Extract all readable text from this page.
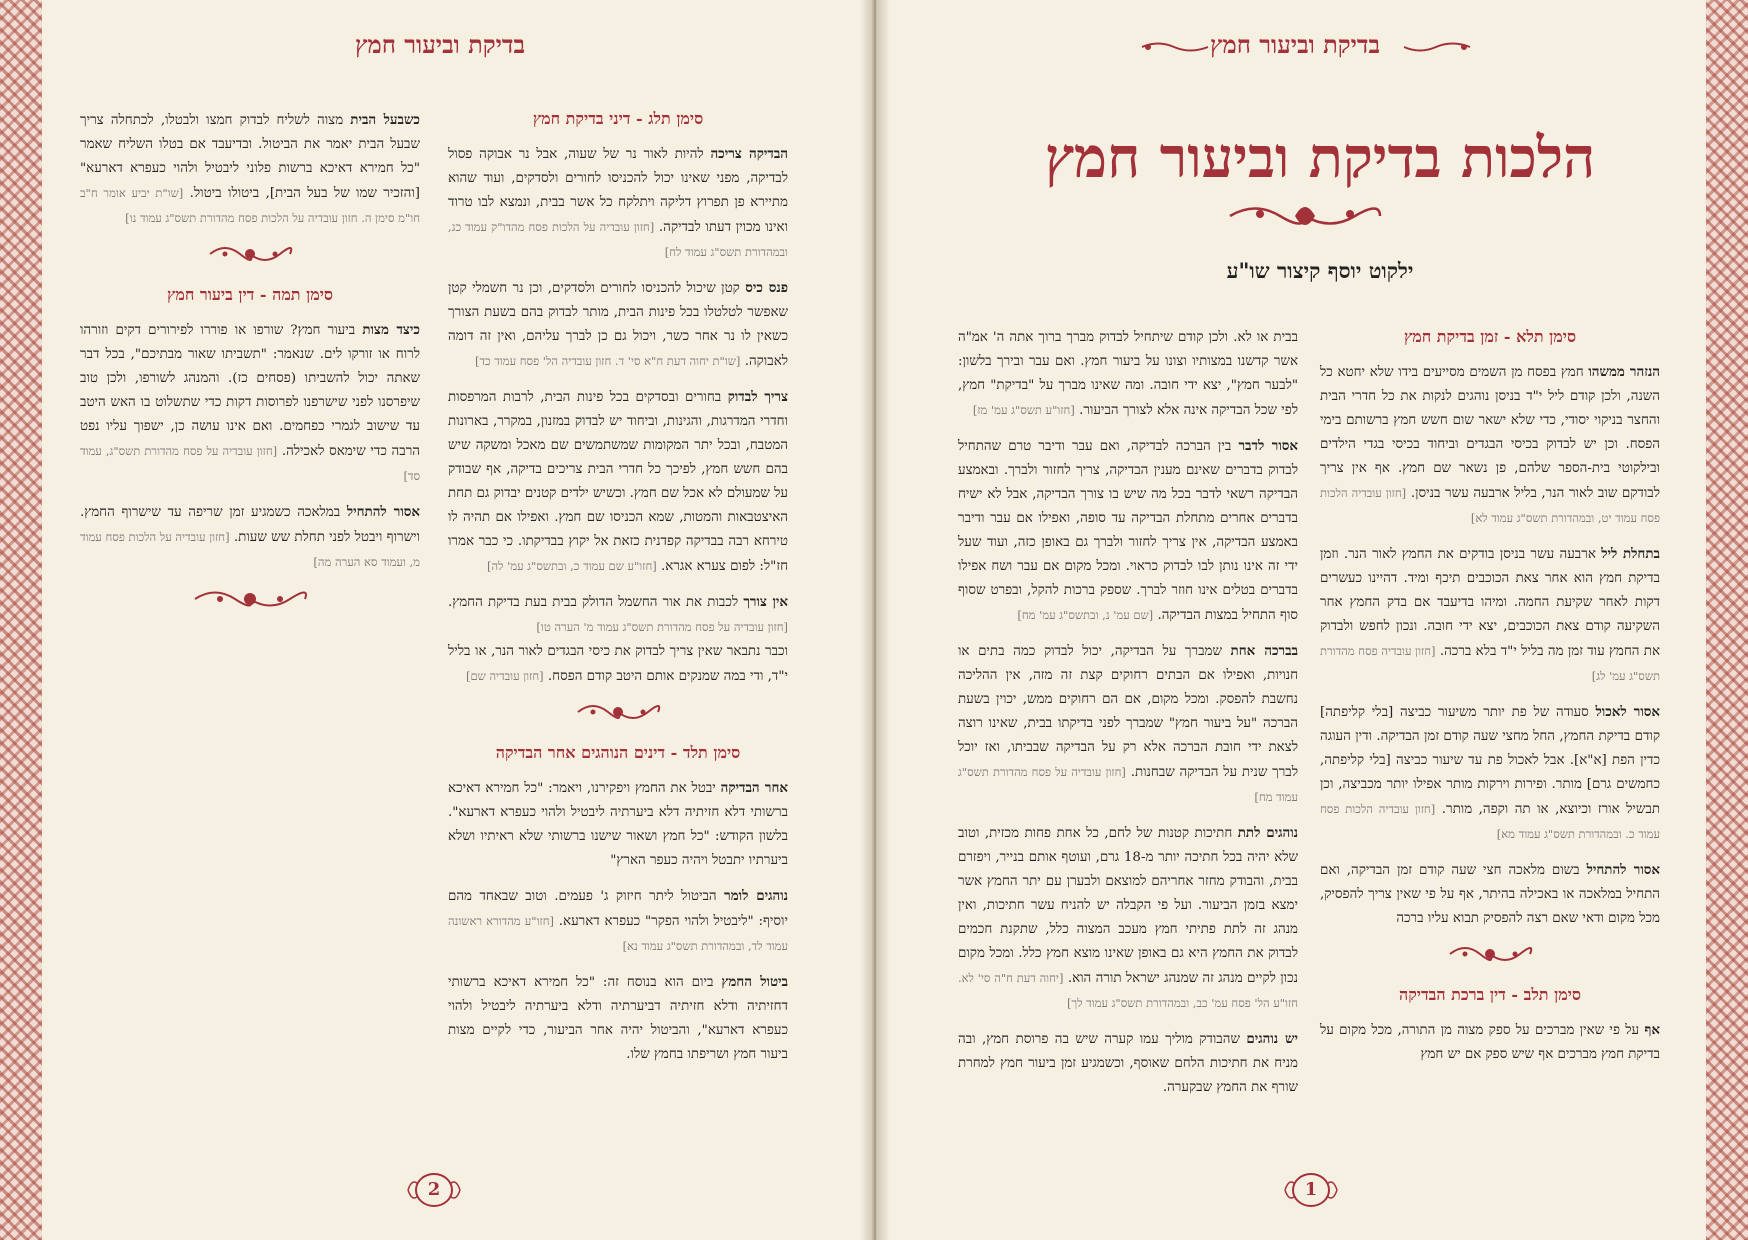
בדיקת וביעור חמץ
סימן תלג - דיני בדיקת חמץ

הבדיקה צריכה להיות לאור נר של שעוה, אבל נר אבוקה פסול לבדיקה, מפני שאינו יכול להכניסו לחורים ולסדקים, ועוד שהוא מתיירא פן תפרוץ דליקה ויתלקח כל אשר בבית, ונמצא לבו טרוד ואינו מכוין דעתו לבדיקה. [חזון עובדיה על הלכות פסח מהדו"ק עמוד כג, ובמהדורת תשס"ג עמוד לח]

פנס כיס קטן שיכול להכניסו לחורים ולסדקים, וכן נר חשמלי קטן שאפשר לטלטלו בכל פינות הבית, מותר לבדוק בהם בשעת הצורך כשאין לו נר אחר כשר, ויכול גם כן לברך עליהם, ואין זה דומה לאבוקה. [שו"ת יחוה דעת ח"א סי' ד. חזון עובדיה הל' פסח עמוד כד]

צריך לבדוק בחורים ובסדקים בכל פינות הבית, לרבות המרפסות וחדרי המדרגות, והגינות, וביחוד יש לבדוק במזנון, במקרר, בארונות המטבח, ובכל יתר המקומות שמשתמשים שם מאכל ומשקה שיש בהם חשש חמץ, לפיכך כל חדרי הבית צריכים בדיקה, אף שבודק על שמעולם לא אכל שם חמץ. וכשיש ילדים קטנים יבדוק גם תחת האיצטבאות והמטות, שמא הכניסו שם חמץ. ואפילו אם תהיה לו טירחא רבה בבדיקה קפדנית כזאת אל יקוץ בבדיקתו. כי כבר אמרו חז"ל: לפום צערא אגרא. [חזו"ע שם עמוד כ, ובתשס"ג עמ' לה]

אין צורך לכבות את אור החשמל הדולק בבית בעת בדיקת החמץ. [חזון עובדיה על פסח מהדורת תשס"ג עמוד מ' הערה טו]

וכבר נתבאר שאין צריך לבדוק את כיסי הבגדים לאור הנר, או בליל י"ד, ודי במה שמנקים אותם היטב קודם הפסח. [חזון עובדיה שם]

סימן תלד - דינים הנוהגים אחר הבדיקה

אחר הבדיקה יבטל את החמץ ויפקירנו, ויאמר: "כל חמירא דאיכא ברשותי דלא חזיתיה דלא ביערתיה ליבטיל ולהוי כעפרא דארעא". בלשון הקודש: "כל חמץ ושאור שישנו ברשותי שלא ראיתיו ושלא ביערתיו יתבטל ויהיה כעפר הארץ"

נוהגים לומר הביטול ליתר חיזוק ג' פעמים. וטוב שבאחד מהם יוסיף: "ליבטיל ולהוי הפקר" כעפרא דארעא. [חזו"ע מהדורא ראשונה עמוד לד, ובמהדורת תשס"ג עמוד נא]

ביטול החמץ ביום הוא בנוסח זה: "כל חמירא דאיכא ברשותי דחזיתיה ודלא חזיתיה דביערתיה ודלא ביערתיה ליבטיל ולהוי כעפרא דארעא", והביטול יהיה אחר הביעור, כדי לקיים מצות ביעור חמץ ושריפתו בחמץ שלו.

כשבעל הבית מצוה לשליח לבדוק חמצו ולבטלו, לכתחלה צריך שבעל הבית יאמר את הביטול. ובדיעבד אם בטלו השליח שאמר "כל חמירא דאיכא ברשות פלוני ליבטיל ולהוי כעפרא דארעא" [והזכיר שמו של בעל הבית], ביטולו ביטול. [שו"ת יביע אומר ח"ב חו"מ סימן ה. חזון עובדיה על הלכות פסח מהדורת תשס"ג עמוד נו]

סימן תמה - דין ביעור חמץ

כיצד מצות ביעור חמץ? שורפו או פוררו לפירורים דקים וזורהו לרוח או זורקו לים. שנאמר: "תשביתו שאור מבתיכם", בכל דבר שאתה יכול להשביתו (פסחים כז). והמנהג לשורפו, ולכן טוב שיפרסנו לפני שישרפנו לפרוסות דקות כדי שתשלוט בו האש היטב עד שישוב לגמרי כפחמים. ואם אינו עושה כן, ישפוך עליו נפט הרבה כדי שימאס לאכילה. [חזון עובדיה על פסח מהדורת תשס"ג, עמוד סד]

אסור להתחיל במלאכה כשמגיע זמן שריפה עד שישרוף החמץ. וישרוף ויבטל לפני תחלת שש שעות. [חזון עובדיה על הלכות פסח עמוד מ, ועמוד סא הערה מה]

2
בדיקת וביעור חמץ
הלכות בדיקת וביעור חמץ
ילקוט יוסף קיצור שו"ע
סימן תלא - זמן בדיקת חמץ

הנזהר ממשהו חמץ בפסח מן השמים מסייעים בידו שלא יחטא כל השנה, ולכן קודם ליל י"ד בניסן נוהגים לנקות את כל חדרי הבית והחצר בניקוי יסודי, כדי שלא ישאר שום חשש חמץ ברשותם בימי הפסח. וכן יש לבדוק בכיסי הבגדים וביחוד בכיסי בגדי הילדים ובילקוטי בית-הספר שלהם, פן נשאר שם חמץ. אף אין צריך לבודקם שוב לאור הנר, בליל ארבעה עשר בניסן. [חזון עובדיה הלכות פסח עמוד יט, ובמהדורת תשס"ג עמוד לא]

בתחלת ליל ארבעה עשר בניסן בודקים את החמץ לאור הנר. וזמן בדיקת חמץ הוא אחר צאת הכוכבים תיכף ומיד. דהיינו כעשרים דקות לאחר שקיעת החמה. ומיהו בדיעבד אם בדק החמץ אחר השקיעה קודם צאת הכוכבים, יצא ידי חובה. ונכון לחפש ולבדוק את החמץ עוד זמן מה בליל י"ד בלא ברכה. [חזון עובדיה פסח מהדורת תשס"ג עמ' לג]

אסור לאכול סעודה של פת יותר משיעור כביצה [בלי קליפתה] קודם בדיקת החמץ, החל מחצי שעה קודם זמן הבדיקה. ודין העוגה כדין הפת [א"א]. אבל לאכול פת עד שיעור כביצה [בלי קליפתה, כחמשים גרם] מותר. ופירות וירקות מותר אפילו יותר מכביצה, וכן תבשיל אורז וכיוצא, או תה וקפה, מותר. [חזון עובדיה הלכות פסח עמוד כ. ובמהדורת תשס"ג עמוד מא]

אסור להתחיל בשום מלאכה חצי שעה קודם זמן הבדיקה, ואם התחיל במלאכה או באכילה בהיתר, אף על פי שאין צריך להפסיק, מכל מקום ודאי שאם רצה להפסיק תבוא עליו ברכה

סימן תלב - דין ברכת הבדיקה

אף על פי שאין מברכים על ספק מצוה מן התורה, מכל מקום על בדיקת חמץ מברכים אף שיש ספק אם יש חמץ

בבית או לא. ולכן קודם שיתחיל לבדוק מברך ברוך אתה ה' אמ"ה אשר קדשנו במצותיו וצונו על ביעור חמץ. ואם עבר ובירך בלשון: "לבער חמץ", יצא ידי חובה. ומה שאינו מברך על "בדיקת" חמץ, לפי שכל הבדיקה אינה אלא לצורך הביעור. [חזו"ע תשס"ג עמ' מז]

אסור לדבר בין הברכה לבדיקה, ואם עבר ודיבר טרם שהתחיל לבדוק בדברים שאינם מענין הבדיקה, צריך לחזור ולברך. ובאמצע הבדיקה רשאי לדבר בכל מה שיש בו צורך הבדיקה, אבל לא ישיח בדברים אחרים מתחלת הבדיקה עד סופה, ואפילו אם עבר ודיבר באמצע הבדיקה, אין צריך לחזור ולברך גם באופן כזה, ועוד שעל ידי זה אינו נותן לבו לבדוק כראוי. ומכל מקום אם עבר ושח אפילו בדברים בטלים אינו חוזר לברך. שספק ברכות להקל, ובפרט שסוף סוף התחיל במצות הבדיקה. [שם עמ' נ, ובתשס"ג עמ' מח]

בברכה אחת שמברך על הבדיקה, יכול לבדוק כמה בתים או חנויות, ואפילו אם הבתים רחוקים קצת זה מזה, אין ההליכה נחשבת להפסק. ומכל מקום, אם הם רחוקים ממש, יכוין בשעת הברכה "על ביעור חמץ" שמברך לפני בדיקתו בבית, שאינו רוצה לצאת ידי חובת הברכה אלא רק על הבדיקה שבביתו, ואז יוכל לברך שנית על הבדיקה שבחנות. [חזון עובדיה על פסח מהדורת תשס"ג עמוד מח]

נוהגים לתת חתיכות קטנות של לחם, כל אחת פחות מכזית, וטוב שלא יהיה בכל חתיכה יותר מ-18 גרם, ועוטף אותם בנייר, ויפזרם בבית, והבודק מחזר אחריהם למוצאם ולבערן עם יתר החמץ אשר ימצא בזמן הביעור. ועל פי הקבלה יש להניח עשר חתיכות, ואין מנהג זה לתת פתיתי חמץ מעכב המצוה כלל, שתקנת חכמים לבדוק את החמץ היא גם באופן שאינו מוצא חמץ כלל. ומכל מקום נכון לקיים מנהג זה שמנהג ישראל תורה הוא. [יחוה דעת ח"ה סי' לא. חזו"ע הל' פסח עמ' כב, ובמהדורת תשס"ג עמוד לך]

יש נוהגים שהבודק מוליך עמו קערה שיש בה פרוסת חמץ, ובה מניח את חתיכות הלחם שאוסף, וכשמגיע זמן ביעור חמץ למחרת שורף את החמץ שבקערה.

1
